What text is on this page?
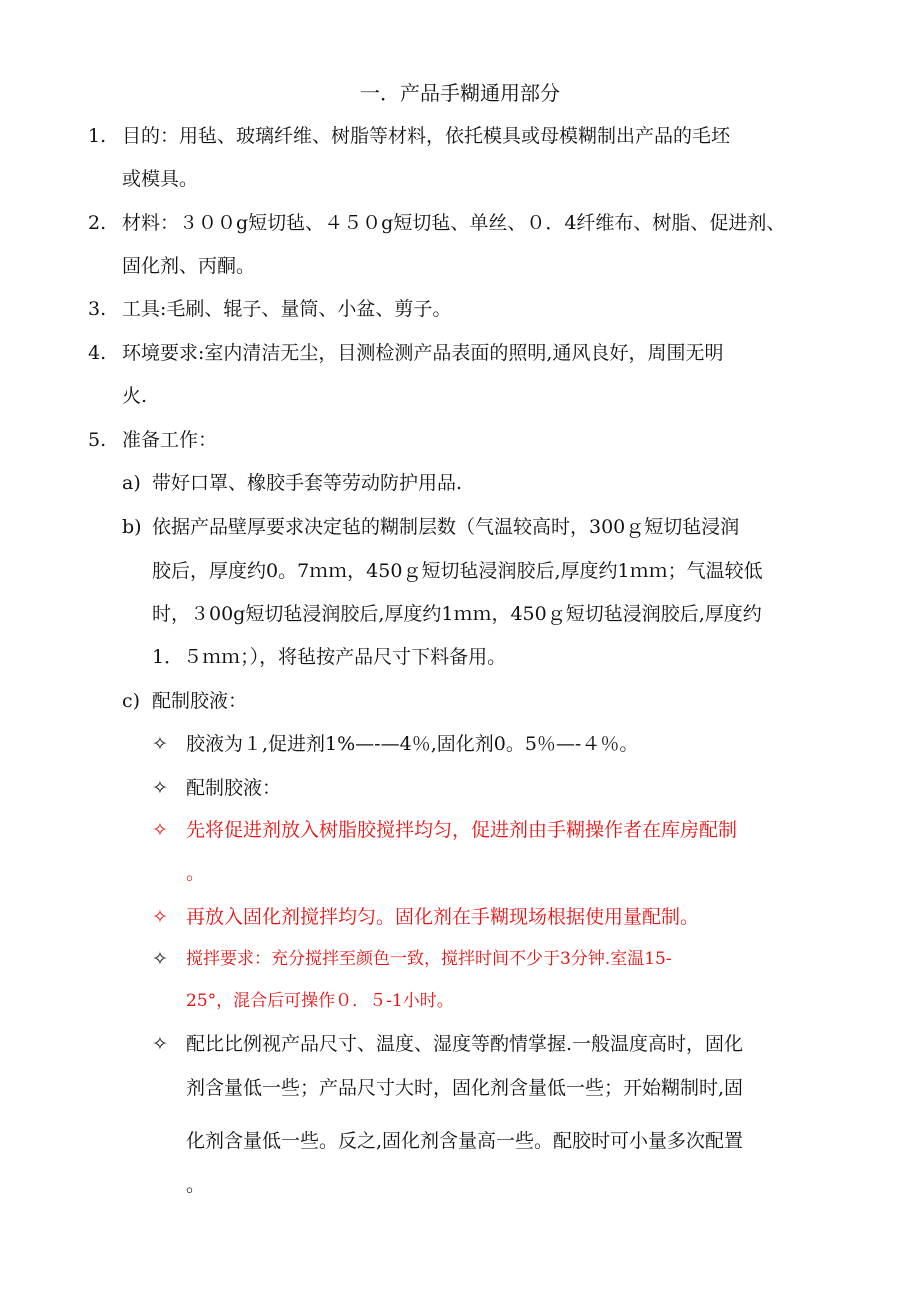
一．产品手糊通用部分
1. 目的：用毡、玻璃纤维、树脂等材料，依托模具或母模糊制出产品的毛坯
或模具。
2. 材料：３００g短切毡、４５０g短切毡、单丝、０．4纤维布、树脂、促进剂、
固化剂、丙酮。
3. 工具:毛刷、辊子、量筒、小盆、剪子。
4. 环境要求:室内清洁无尘，目测检测产品表面的照明,通风良好，周围无明
火.
5. 准备工作：
a) 带好口罩、橡胶手套等劳动防护用品.
b) 依据产品壁厚要求决定毡的糊制层数（气温较高时，300ｇ短切毡浸润
胶后，厚度约0。7ｍｍ，450ｇ短切毡浸润胶后,厚度约1ｍｍ；气温较低
时，３00g短切毡浸润胶后,厚度约1ｍｍ，450ｇ短切毡浸润胶后,厚度约
1．５ｍｍ；），将毡按产品尺寸下料备用。
c) 配制胶液：
✧ 胶液为１,促进剂1%—-—4％,固化剂0。5％—-４％。
✧ 配制胶液：
✧ 先将促进剂放入树脂胶搅拌均匀，促进剂由手糊操作者在库房配制
。
✧ 再放入固化剂搅拌均匀。固化剂在手糊现场根据使用量配制。
✧ 搅拌要求：充分搅拌至颜色一致，搅拌时间不少于3分钟.室温15-
25°，混合后可操作０．５-1小时。
✧ 配比比例视产品尺寸、温度、湿度等酌情掌握.一般温度高时，固化
剂含量低一些；产品尺寸大时，固化剂含量低一些；开始糊制时,固
化剂含量低一些。反之,固化剂含量高一些。配胶时可小量多次配置
。
